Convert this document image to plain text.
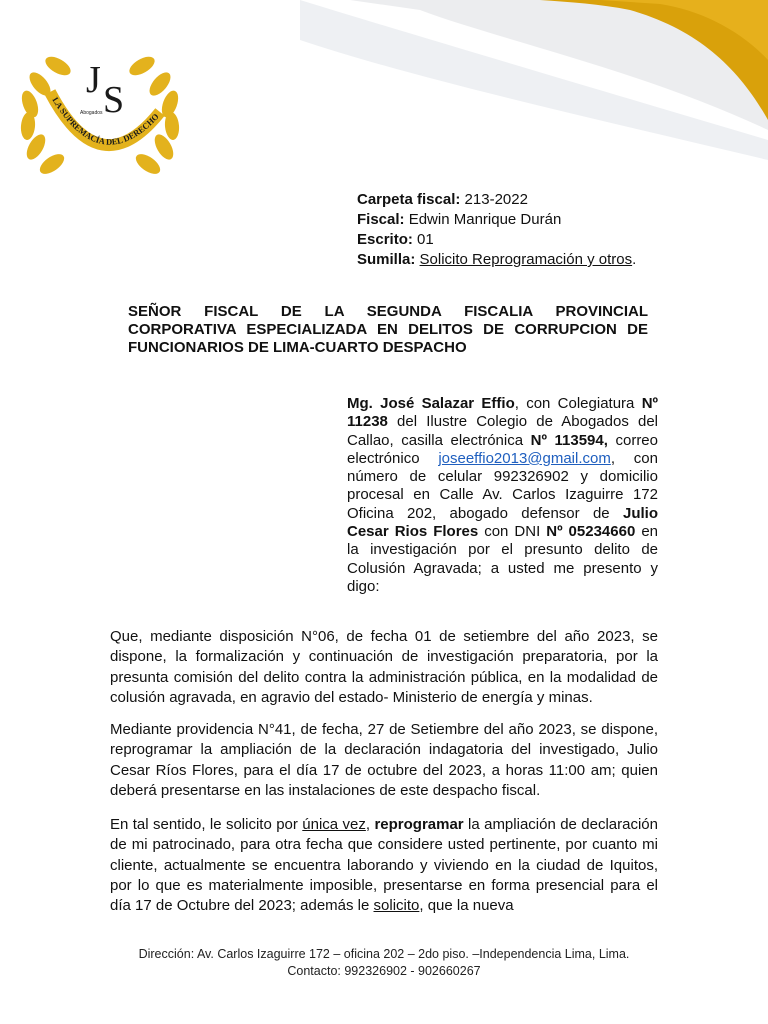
J S
Abogados
LA SUPREMACÍA DEL DERECHO
Carpeta fiscal: 213-2022
Fiscal: Edwin Manrique Durán
Escrito: 01
Sumilla: Solicito Reprogramación y otros.
SEÑOR FISCAL DE LA SEGUNDA FISCALIA PROVINCIAL CORPORATIVA ESPECIALIZADA EN DELITOS DE CORRUPCION DE FUNCIONARIOS DE LIMA-CUARTO DESPACHO
Mg. José Salazar Effio, con Colegiatura Nº 11238 del Ilustre Colegio de Abogados del Callao, casilla electrónica Nº 113594, correo electrónico joseeffio2013@gmail.com, con número de celular 992326902 y domicilio procesal en Calle Av. Carlos Izaguirre 172 Oficina 202, abogado defensor de Julio Cesar Rios Flores con DNI Nº 05234660 en la investigación por el presunto delito de Colusión Agravada; a usted me presento y digo:
Que, mediante disposición N°06, de fecha 01 de setiembre del año 2023, se dispone, la formalización y continuación de investigación preparatoria, por la presunta comisión del delito contra la administración pública, en la modalidad de colusión agravada, en agravio del estado- Ministerio de energía y minas.
Mediante providencia N°41, de fecha, 27 de Setiembre del año 2023, se dispone, reprogramar la ampliación de la declaración indagatoria del investigado, Julio Cesar Ríos Flores, para el día 17 de octubre del 2023, a horas 11:00 am; quien deberá presentarse en las instalaciones de este despacho fiscal.
En tal sentido, le solicito por única vez, reprogramar la ampliación de declaración de mi patrocinado, para otra fecha que considere usted pertinente, por cuanto mi cliente, actualmente se encuentra laborando y viviendo en la ciudad de Iquitos, por lo que es materialmente imposible, presentarse en forma presencial para el día 17 de Octubre del 2023; además le solicito, que la nueva
Dirección: Av. Carlos Izaguirre 172 – oficina 202 – 2do piso. –Independencia Lima, Lima.
Contacto: 992326902 - 902660267
